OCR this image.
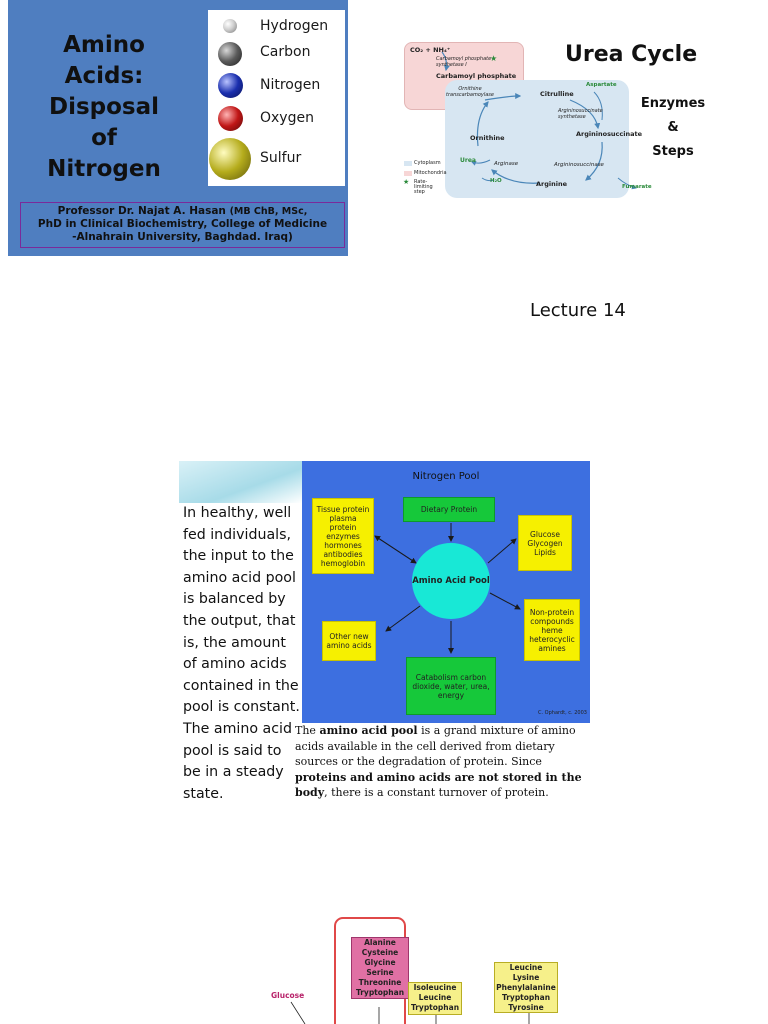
Amino
Acids:
Disposal
of
Nitrogen
Hydrogen
Carbon
Nitrogen
Oxygen
Sulfur
Professor Dr. Najat A. Hasan (MB ChB, MSc,
PhD in Clinical Biochemistry, College of Medicine
-Alnahrain University, Baghdad. Iraq)
CO₂ + NH₄⁺
Carbamoyl phosphate synthetase I
★
Carbamoyl phosphate
Ornithine transcarbamoylase	Citrulline
Aspartate
Argininosuccinate synthetase
Argininosuccinate
Ornithine
Urea	Arginase	Argininosuccinase
H₂O	Arginine	Fumarate
Cytoplasm
Mitochondria
★ Rate-limiting step
Urea Cycle
Enzymes
&
Steps
Lecture 14
In healthy, well
fed individuals,
the input to the
amino acid pool
is balanced by
the output, that
is, the amount
of amino acids
contained in the
pool is constant.
The amino acid
pool is said to
be in a steady
state.
Nitrogen Pool
Dietary Protein
Tissue protein plasma protein enzymes hormones antibodies hemoglobin
Glucose Glycogen Lipids
Amino Acid Pool
Other new amino acids
Non-protein compounds heme heterocyclic amines
Catabolism carbon dioxide, water, urea, energy
C. Ophardt, c. 2003
The amino acid pool is a grand mixture of amino acids available in the cell derived from dietary sources or the degradation of protein. Since proteins and amino acids are not stored in the body, there is a constant turnover of protein.
Glucose
Alanine
Cysteine
Glycine
Serine
Threonine
Tryptophan
Isoleucine
Leucine
Tryptophan
Leucine
Lysine
Phenylalanine
Tryptophan
Tyrosine
